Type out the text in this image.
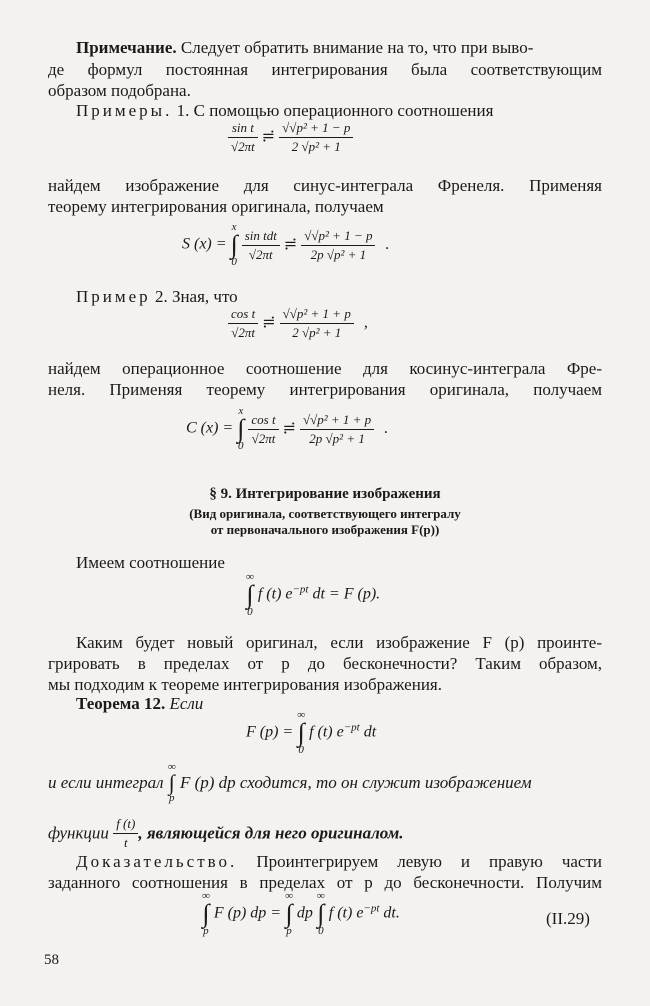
Примечание. Следует обратить внимание на то, что при выво-
де формул постоянная интегрирования была соответствующим
образом подобрана.
Примеры. 1. С помощью операционного соотношения
$\frac{\text{sin t}}{√2\pi t}$ ≓ $\frac{\text{√√p² + 1 − p}}{\text{2 √p² + 1}}$
найдем изображение для синус-интеграла Френеля. Применяя
теорему интегрирования оригинала, получаем
S (x) =
x
∫
0
$\frac{\text{sin tdt}}{√2\pi t}$ ≓ $\frac{\text{√√p² + 1 − p}}{\text{2p √p² + 1}}$ .
Пример 2. Зная, что
$\frac{\text{cos t}}{√2\pi t}$ ≓ $\frac{\text{√√p² + 1 + p}}{\text{2 √p² + 1}}$ ,
найдем операционное соотношение для косинус-интеграла Фре-
неля. Применяя теорему интегрирования оригинала, получаем
C (x) =
x
∫
0
$\frac{\text{cos t}}{√2\pi t}$ ≓ $\frac{\text{√√p² + 1 + p}}{\text{2p √p² + 1}}$ .
§ 9. Интегрирование изображения
(Вид оригинала, соответствующего интегралу
от первоначального изображения F(p))
Имеем соотношение
∞
∫
0
f (t) $e^{-pt}$ dt = F (p).
Каким будет новый оригинал, если изображение F (p) проинте-
грировать в пределах от p до бесконечности? Таким образом,
мы подходим к теореме интегрирования изображения.
Теорема 12. Если
F (p) =
∞
∫
0
f (t) $e^{-pt}$ dt
и если интеграл
∞
∫
p
F (p) dp сходится, то он служит изображением
функции $\frac{f (t)}{t}$ , являющейся для него оригиналом.
Доказательство. Проинтегрируем левую и правую части
заданного соотношения в пределах от p до бесконечности. Получим
∞
∫
p
F (p) dp =
∞
∫
p
dp
∞
∫
0
f (t) $e^{-pt}$ dt.	(II.29)
58
